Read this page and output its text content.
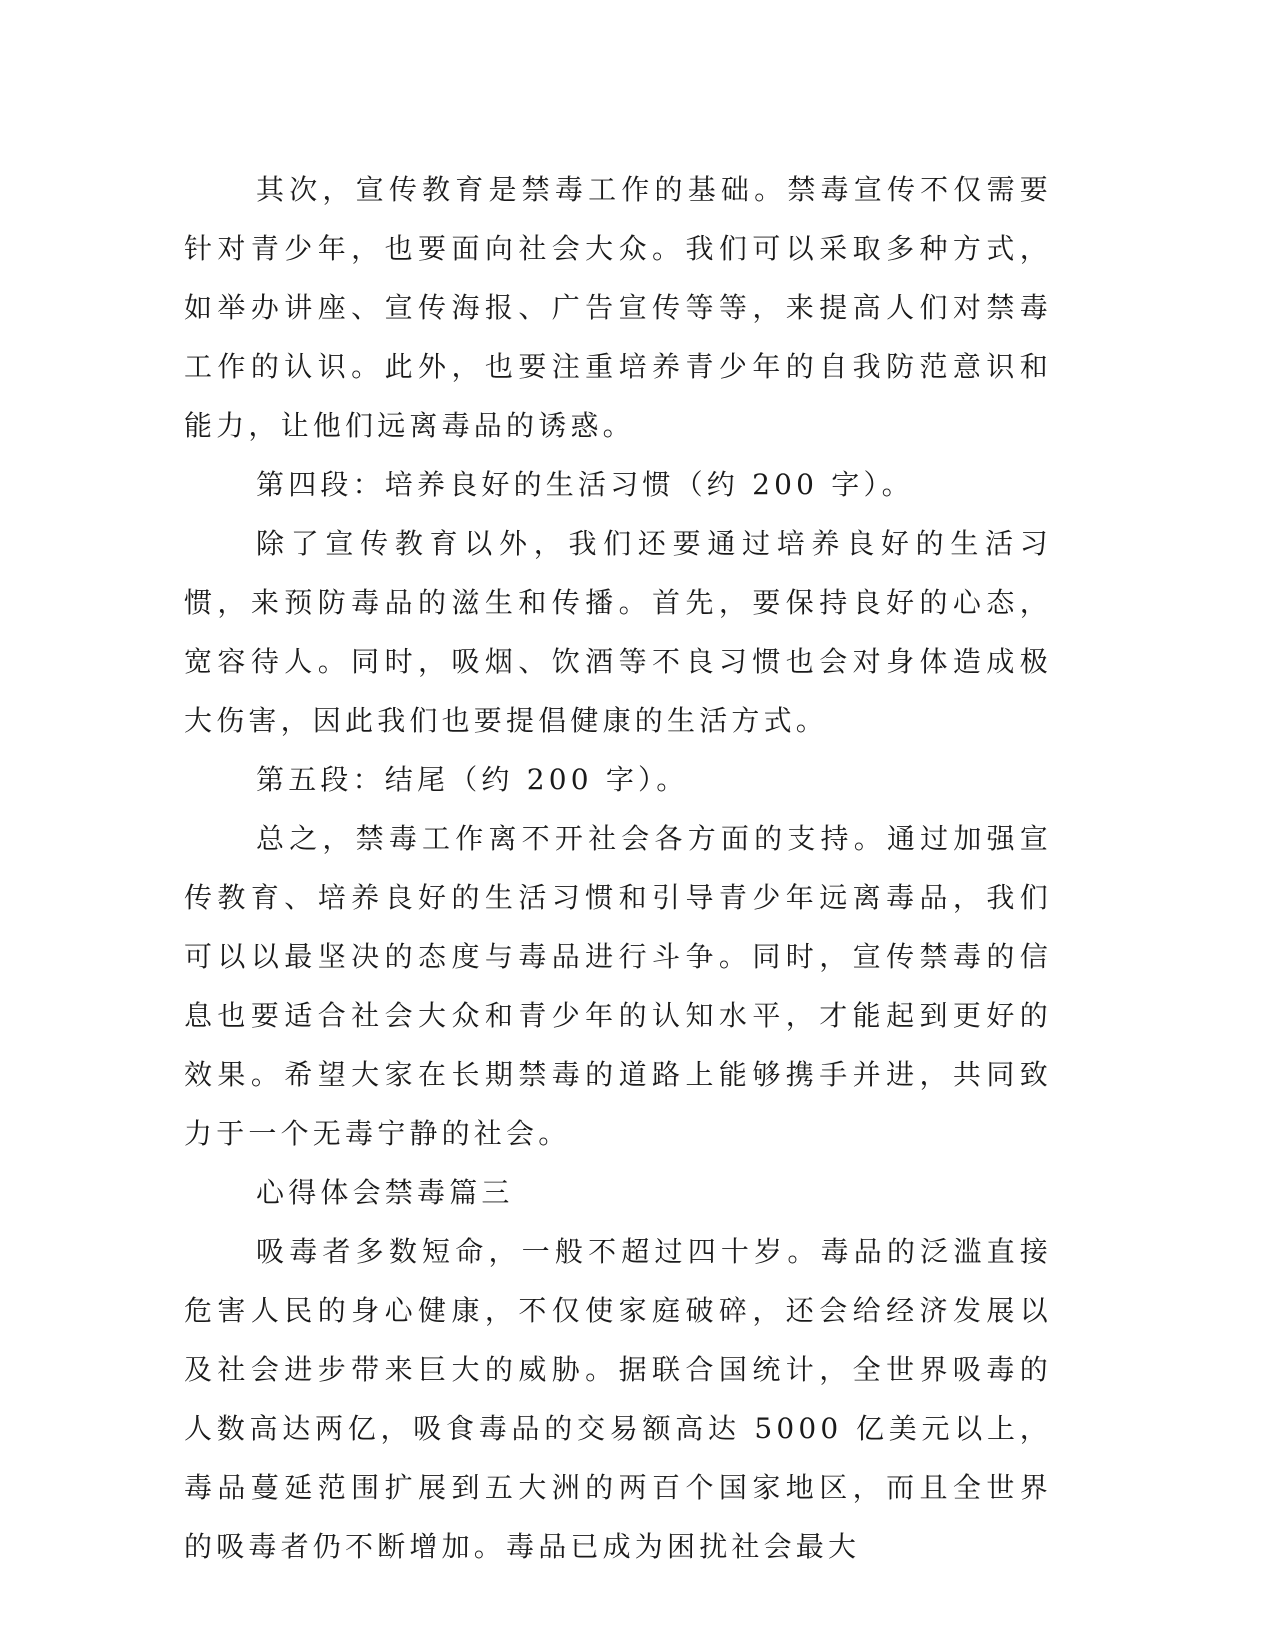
其次，宣传教育是禁毒工作的基础。禁毒宣传不仅需要针对青少年，也要面向社会大众。我们可以采取多种方式，如举办讲座、宣传海报、广告宣传等等，来提高人们对禁毒工作的认识。此外，也要注重培养青少年的自我防范意识和能力，让他们远离毒品的诱惑。

第四段：培养良好的生活习惯（约 200 字）。

除了宣传教育以外，我们还要通过培养良好的生活习惯，来预防毒品的滋生和传播。首先，要保持良好的心态，宽容待人。同时，吸烟、饮酒等不良习惯也会对身体造成极大伤害，因此我们也要提倡健康的生活方式。

第五段：结尾（约 200 字）。

总之，禁毒工作离不开社会各方面的支持。通过加强宣传教育、培养良好的生活习惯和引导青少年远离毒品，我们可以以最坚决的态度与毒品进行斗争。同时，宣传禁毒的信息也要适合社会大众和青少年的认知水平，才能起到更好的效果。希望大家在长期禁毒的道路上能够携手并进，共同致力于一个无毒宁静的社会。

心得体会禁毒篇三

吸毒者多数短命，一般不超过四十岁。毒品的泛滥直接危害人民的身心健康，不仅使家庭破碎，还会给经济发展以及社会进步带来巨大的威胁。据联合国统计，全世界吸毒的人数高达两亿，吸食毒品的交易额高达 5000 亿美元以上，毒品蔓延范围扩展到五大洲的两百个国家地区，而且全世界的吸毒者仍不断增加。毒品已成为困扰社会最大
